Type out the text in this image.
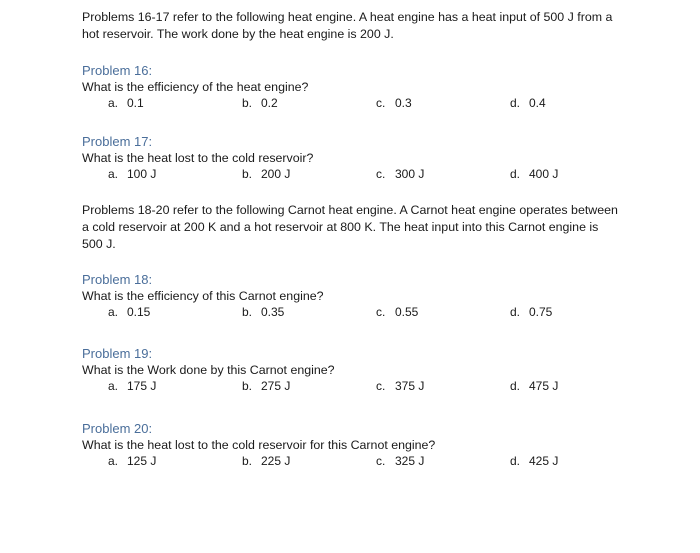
Problems 16-17 refer to the following heat engine. A heat engine has a heat input of 500 J from a hot reservoir. The work done by the heat engine is 200 J.
Problem 16:
What is the efficiency of the heat engine?
a. 0.1	b. 0.2	c. 0.3	d. 0.4
Problem 17:
What is the heat lost to the cold reservoir?
a. 100 J	b. 200 J	c. 300 J	d. 400 J
Problems 18-20 refer to the following Carnot heat engine. A Carnot heat engine operates between a cold reservoir at 200 K and a hot reservoir at 800 K. The heat input into this Carnot engine is 500 J.
Problem 18:
What is the efficiency of this Carnot engine?
a. 0.15	b. 0.35	c. 0.55	d. 0.75
Problem 19:
What is the Work done by this Carnot engine?
a. 175 J	b. 275 J	c. 375 J	d. 475 J
Problem 20:
What is the heat lost to the cold reservoir for this Carnot engine?
a. 125 J	b. 225 J	c. 325 J	d. 425 J
